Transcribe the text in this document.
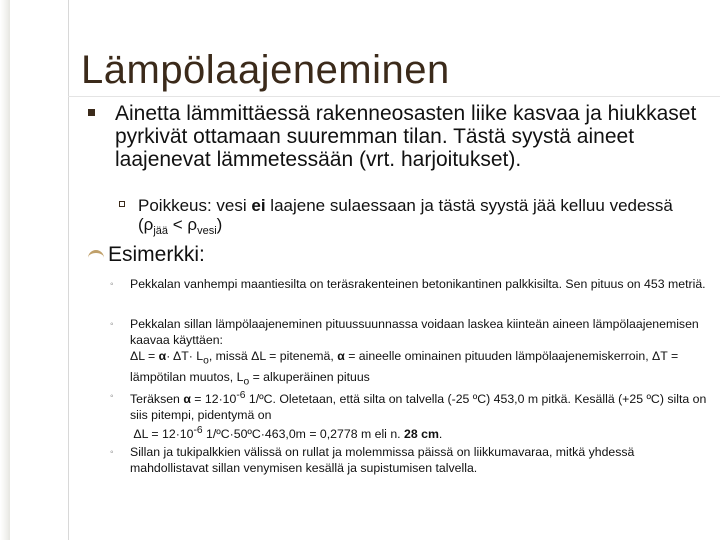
Lämpölaajeneminen
Ainetta lämmittäessä rakenneosasten liike kasvaa ja hiukkaset pyrkivät ottamaan suuremman tilan. Tästä syystä aineet laajenevat lämmetessään (vrt. harjoitukset).
Poikkeus: vesi ei laajene sulaessaan ja tästä syystä jää kelluu vedessä $(\rho_{jää} < \rho_{vesi})$
Esimerkki:
◦ Pekkalan vanhempi maantiesilta on teräsrakenteinen betonikantinen palkkisilta. Sen pituus on 453 metriä.
◦ Pekkalan sillan lämpölaajeneminen pituussuunnassa voidaan laskea kiinteän aineen lämpölaajenemisen kaavaa käyttäen:
$\Delta L = \alpha\cdot \Delta T\cdot L_o$, missä ΔL = pitenemä, α = aineelle ominainen pituuden lämpölaajenemiskerroin, ΔT = lämpötilan muutos, $L_o$ = alkuperäinen pituus
◦ Teräksen $\alpha = 12\cdot 10^{-6}$ 1/ºC. Oletetaan, että silta on talvella (-25 ºC) 453,0 m pitkä. Kesällä (+25 ºC) silta on siis pitempi, pidentymä on
$\Delta L = 12\cdot 10^{-6}$ 1/ºC·50ºC·463,0m = 0,2778 m eli n. 28 cm.
◦ Sillan ja tukipalkkien välissä on rullat ja molemmissa päissä on liikkumavaraa, mitkä yhdessä mahdollistavat sillan venymisen kesällä ja supistumisen talvella.
